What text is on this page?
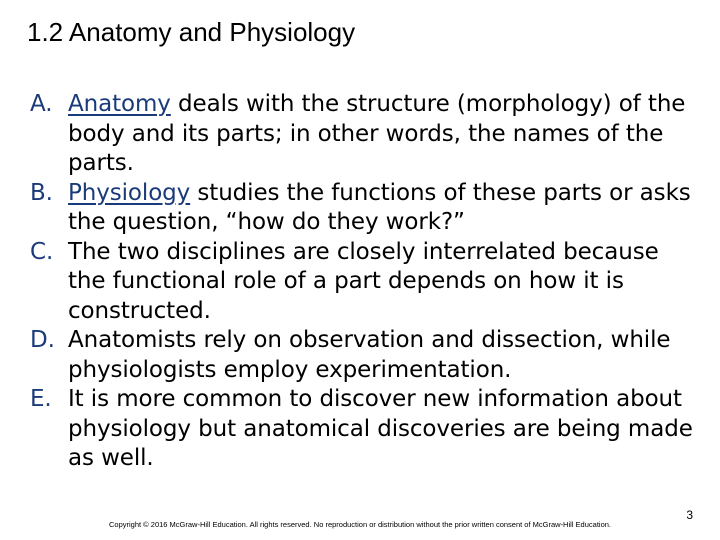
1.2 Anatomy and Physiology
A. Anatomy deals with the structure (morphology) of the body and its parts; in other words, the names of the parts.
B. Physiology studies the functions of these parts or asks the question, “how do they work?”
C. The two disciplines are closely interrelated because the functional role of a part depends on how it is constructed.
D. Anatomists rely on observation and dissection, while physiologists employ experimentation.
E. It is more common to discover new information about physiology but anatomical discoveries are being made as well.
Copyright © 2016 McGraw-Hill Education. All rights reserved. No reproduction or distribution without the prior written consent of McGraw-Hill Education.
3
